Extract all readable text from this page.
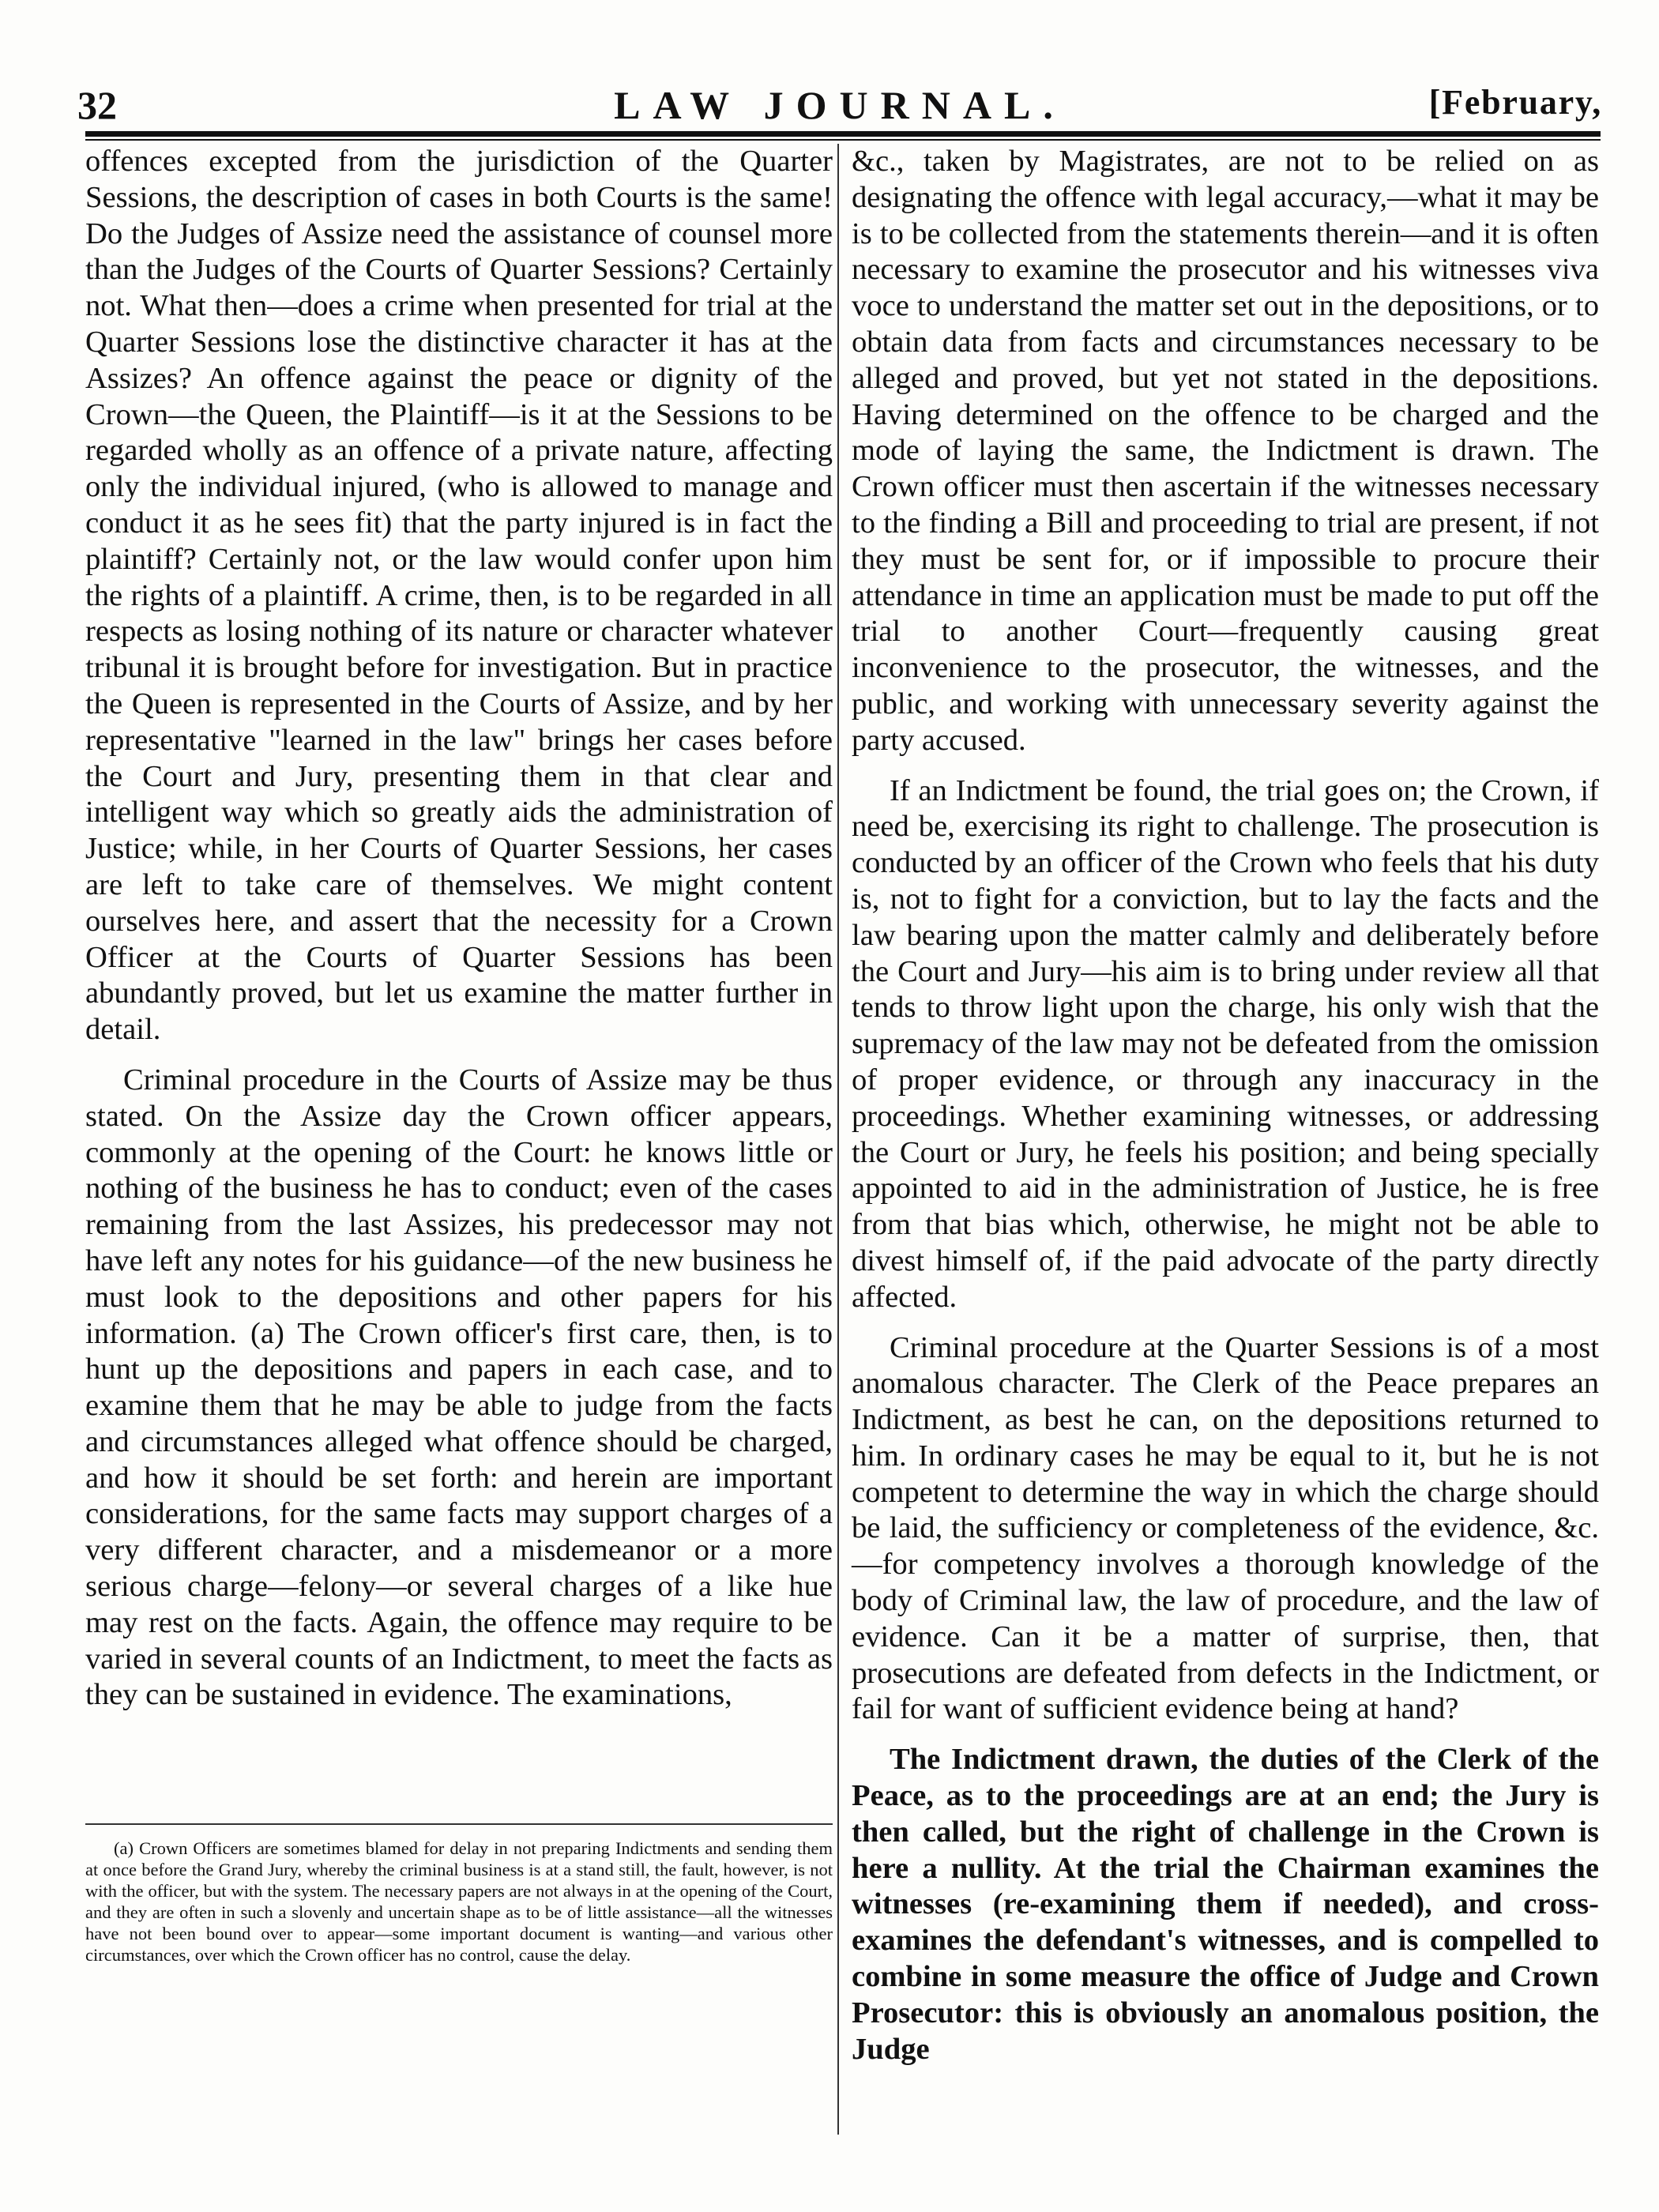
32	LAW JOURNAL.	[February,

offences excepted from the jurisdiction of the Quarter Sessions, the description of cases in both Courts is the same! Do the Judges of Assize need the assistance of counsel more than the Judges of the Courts of Quarter Sessions? Certainly not. What then—does a crime when presented for trial at the Quarter Sessions lose the distinctive character it has at the Assizes? An offence against the peace or dignity of the Crown—the Queen, the Plaintiff—is it at the Sessions to be regarded wholly as an offence of a private nature, affecting only the individual injured, (who is allowed to manage and conduct it as he sees fit) that the party injured is in fact the plaintiff? Certainly not, or the law would confer upon him the rights of a plaintiff. A crime, then, is to be regarded in all respects as losing nothing of its nature or character whatever tribunal it is brought before for investigation. But in practice the Queen is represented in the Courts of Assize, and by her representative "learned in the law" brings her cases before the Court and Jury, presenting them in that clear and intelligent way which so greatly aids the administration of Justice; while, in her Courts of Quarter Sessions, her cases are left to take care of themselves. We might content ourselves here, and assert that the necessity for a Crown Officer at the Courts of Quarter Sessions has been abundantly proved, but let us examine the matter further in detail.

Criminal procedure in the Courts of Assize may be thus stated. On the Assize day the Crown officer appears, commonly at the opening of the Court: he knows little or nothing of the business he has to conduct; even of the cases remaining from the last Assizes, his predecessor may not have left any notes for his guidance—of the new business he must look to the depositions and other papers for his information. (a) The Crown officer's first care, then, is to hunt up the depositions and papers in each case, and to examine them that he may be able to judge from the facts and circumstances alleged what offence should be charged, and how it should be set forth: and herein are important considerations, for the same facts may support charges of a very different character, and a misdemeanor or a more serious charge—felony—or several charges of a like hue may rest on the facts. Again, the offence may require to be varied in several counts of an Indictment, to meet the facts as they can be sustained in evidence. The examinations,

&c., taken by Magistrates, are not to be relied on as designating the offence with legal accuracy,—what it may be is to be collected from the statements therein—and it is often necessary to examine the prosecutor and his witnesses viva voce to understand the matter set out in the depositions, or to obtain data from facts and circumstances necessary to be alleged and proved, but yet not stated in the depositions. Having determined on the offence to be charged and the mode of laying the same, the Indictment is drawn. The Crown officer must then ascertain if the witnesses necessary to the finding a Bill and proceeding to trial are present, if not they must be sent for, or if impossible to procure their attendance in time an application must be made to put off the trial to another Court—frequently causing great inconvenience to the prosecutor, the witnesses, and the public, and working with unnecessary severity against the party accused.

If an Indictment be found, the trial goes on; the Crown, if need be, exercising its right to challenge. The prosecution is conducted by an officer of the Crown who feels that his duty is, not to fight for a conviction, but to lay the facts and the law bearing upon the matter calmly and deliberately before the Court and Jury—his aim is to bring under review all that tends to throw light upon the charge, his only wish that the supremacy of the law may not be defeated from the omission of proper evidence, or through any inaccuracy in the proceedings. Whether examining witnesses, or addressing the Court or Jury, he feels his position; and being specially appointed to aid in the administration of Justice, he is free from that bias which, otherwise, he might not be able to divest himself of, if the paid advocate of the party directly affected.

Criminal procedure at the Quarter Sessions is of a most anomalous character. The Clerk of the Peace prepares an Indictment, as best he can, on the depositions returned to him. In ordinary cases he may be equal to it, but he is not competent to determine the way in which the charge should be laid, the sufficiency or completeness of the evidence, &c.—for competency involves a thorough knowledge of the body of Criminal law, the law of procedure, and the law of evidence. Can it be a matter of surprise, then, that prosecutions are defeated from defects in the Indictment, or fail for want of sufficient evidence being at hand?

The Indictment drawn, the duties of the Clerk of the Peace, as to the proceedings are at an end; the Jury is then called, but the right of challenge in the Crown is here a nullity. At the trial the Chairman examines the witnesses (re-examining them if needed), and cross-examines the defendant's witnesses, and is compelled to combine in some measure the office of Judge and Crown Prosecutor: this is obviously an anomalous position, the Judge

(a) Crown Officers are sometimes blamed for delay in not preparing Indictments and sending them at once before the Grand Jury, whereby the criminal business is at a stand still, the fault, however, is not with the officer, but with the system. The necessary papers are not always in at the opening of the Court, and they are often in such a slovenly and uncertain shape as to be of little assistance—all the witnesses have not been bound over to appear—some important document is wanting—and various other circumstances, over which the Crown officer has no control, cause the delay.
